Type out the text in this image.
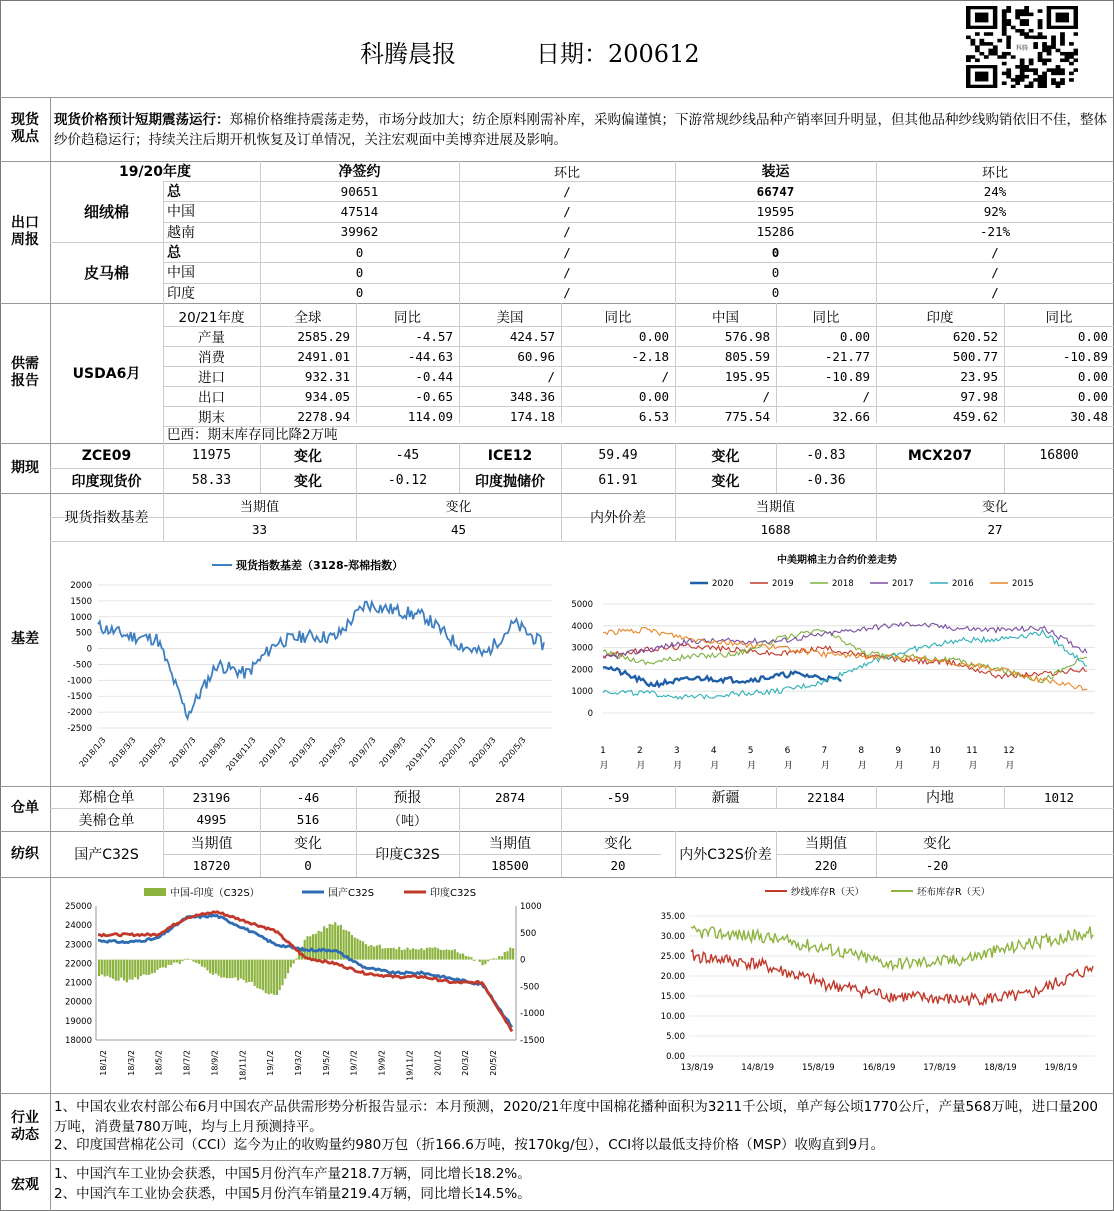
科腾晨报	日期：200612	科腾
现货观点
出口周报
供需报告
期现
基差
仓单
纺织
行业动态
宏观
现货价格预计短期震荡运行：郑棉价格维持震荡走势，市场分歧加大；纺企原料刚需补库，采购偏谨慎；下游常规纱线品种产销率回升明显，但其他品种纱线购销依旧不佳，整体纱价趋稳运行；持续关注后期开机恢复及订单情况，关注宏观面中美博弈进展及影响。
现货指数基差
当期值	变化
33	45
内外价差
当期值	变化
1688	27
现货指数基差（3128-郑棉指数）
2000
1500
1000
500
0
-500
-1000
-1500
-2000
-2500
2018/1/3 2018/3/3 2018/5/3 2018/7/3 2018/9/3
2018/11/3 2019/1/3 2019/3/3 2019/5/3 2019/7/3 2019/9/3
2019/11/3 2020/1/3 2020/3/3 2020/5/3
中美期棉主力合约价差走势
2020	2019	2018	2017	2016	2015
5000
4000
3000
2000
1000
0
1
月
2
月
3
月
4
月
5
月
6
月
7
月
8
月
9
月
10
月
11
月
12
月
中国-印度（C32S）	国产C32S	印度C32S
25000
24000
23000
22000
21000
20000
19000
18000
1000
500
0
-500
-1000
-1500
18/1/2 18/3/2 18/5/2 18/7/2 18/9/2 18/11/2 19/1/2 19/3/2 19/5/2 19/7/2 19/9/2 19/11/2 20/1/2 20/3/2 20/5/2
纱线库存R（天）	坯布库存R（天）
35.00
30.00
25.00
20.00
15.00
10.00
5.00
0.00
13/8/19	14/8/19	15/8/19	16/8/19	17/8/19	18/8/19	19/8/19
郑棉仓单	23196	-46	预报	2874	-59	新疆	22184	内地	1012
美棉仓单	4995	516	（吨）
国产C32S
当期值	变化
18720	0
印度C32S
当期值	变化
18500	20
内外C32S价差
当期值	变化
220	-20
1、中国农业农村部公布6月中国农产品供需形势分析报告显示：本月预测，2020/21年度中国棉花播种面积为3211千公顷，单产每公顷1770公斤，产量568万吨，进口量200万吨，消费量780万吨，均与上月预测持平。
2、印度国营棉花公司（CCI）迄今为止的收购量约980万包（折166.6万吨，按170kg/包），CCI将以最低支持价格（MSP）收购直到9月。
1、中国汽车工业协会获悉，中国5月份汽车产量218.7万辆，同比增长18.2%。
2、中国汽车工业协会获悉，中国5月份汽车销量219.4万辆，同比增长14.5%。
19/20年度	净签约	环比	装运	环比
细绒棉
总	90651	/	66747	24%
中国	47514	/	19595	92%
越南	39962	/	15286	-21%
皮马棉
总	0	/	0	/
中国	0	/	0	/
印度	0	/	0	/
USDA6月
20/21年度	全球	同比	美国	同比	中国	同比	印度	同比
产量	2585.29	-4.57	424.57	0.00	576.98	0.00	620.52	0.00
消费	2491.01	-44.63	60.96	-2.18	805.59	-21.77	500.77	-10.89
进口	932.31	-0.44	/	/	195.95	-10.89	23.95	0.00
出口	934.05	-0.65	348.36	0.00	/	/	97.98	0.00
期末	2278.94	114.09	174.18	6.53	775.54	32.66	459.62	30.48
巴西：期末库存同比降2万吨
ZCE09	11975	变化	-45	ICE12	59.49	变化	-0.83	MCX207	16800
印度现货价	58.33	变化	-0.12	印度抛储价	61.91	变化	-0.36
